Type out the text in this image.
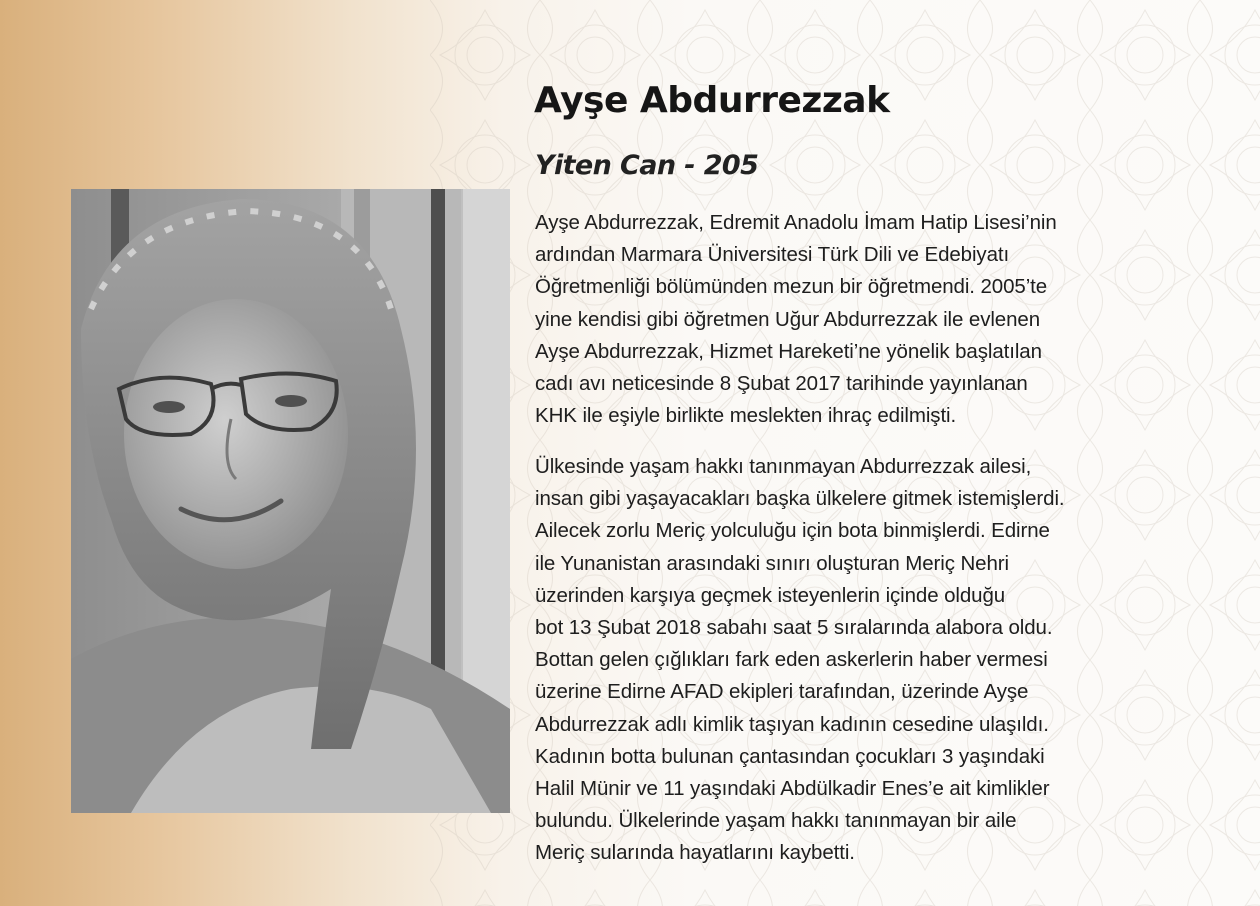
Ayşe Abdurrezzak
Yiten Can - 205

Ayşe Abdurrezzak, Edremit Anadolu İmam Hatip Lisesi’nin
ardından Marmara Üniversitesi Türk Dili ve Edebiyatı
Öğretmenliği bölümünden mezun bir öğretmendi. 2005’te
yine kendisi gibi öğretmen Uğur Abdurrezzak ile evlenen
Ayşe Abdurrezzak, Hizmet Hareketi’ne yönelik başlatılan
cadı avı neticesinde 8 Şubat 2017 tarihinde yayınlanan
KHK ile eşiyle birlikte meslekten ihraç edilmişti.

Ülkesinde yaşam hakkı tanınmayan Abdurrezzak ailesi,
insan gibi yaşayacakları başka ülkelere gitmek istemişlerdi.
Ailecek zorlu Meriç yolculuğu için bota binmişlerdi. Edirne
ile Yunanistan arasındaki sınırı oluşturan Meriç Nehri
üzerinden karşıya geçmek isteyenlerin içinde olduğu
bot 13 Şubat 2018 sabahı saat 5 sıralarında alabora oldu.
Bottan gelen çığlıkları fark eden askerlerin haber vermesi
üzerine Edirne AFAD ekipleri tarafından, üzerinde Ayşe
Abdurrezzak adlı kimlik taşıyan kadının cesedine ulaşıldı.
Kadının botta bulunan çantasından çocukları 3 yaşındaki
Halil Münir ve 11 yaşındaki Abdülkadir Enes’e ait kimlikler
bulundu. Ülkelerinde yaşam hakkı tanınmayan bir aile
Meriç sularında hayatlarını kaybetti.
